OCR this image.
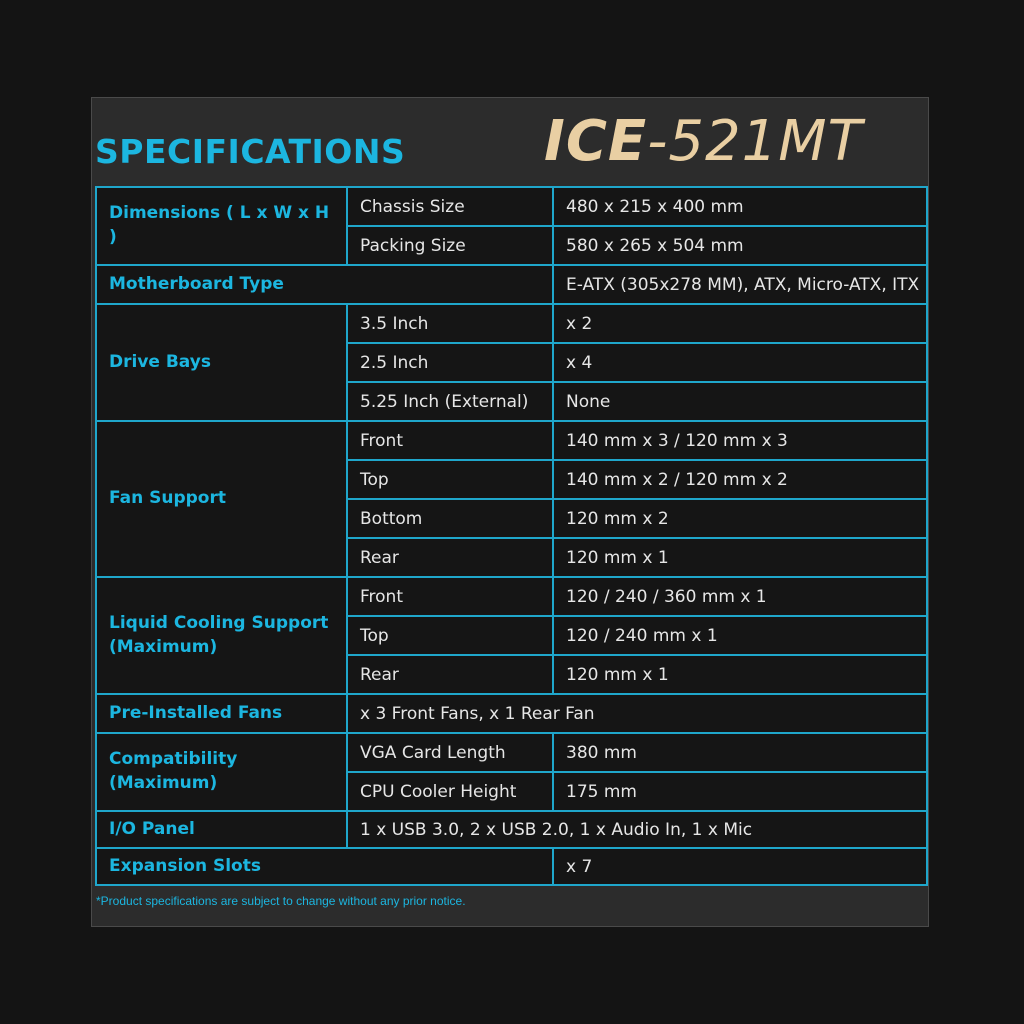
SPECIFICATIONS ICE-521MT
Dimensions ( L x W x H )	Chassis Size	480 x 215 x 400 mm
	Packing Size	580 x 265 x 504 mm
Motherboard Type		E-ATX (305x278 MM), ATX, Micro-ATX, ITX
Drive Bays	3.5 Inch	x 2
	2.5 Inch	x 4
	5.25 Inch (External)	None
Fan Support	Front	140 mm x 3 / 120 mm x 3
	Top	140 mm x 2 / 120 mm x 2
	Bottom	120 mm x 2
	Rear	120 mm x 1
Liquid Cooling Support (Maximum)	Front	120 / 240 / 360 mm x 1
	Top	120 / 240 mm x 1
	Rear	120 mm x 1
Pre-Installed Fans	x 3 Front Fans, x 1 Rear Fan	
Compatibility (Maximum)	VGA Card Length	380 mm
	CPU Cooler Height	175 mm
I/O Panel	1 x USB 3.0, 2 x USB 2.0, 1 x Audio In, 1 x Mic	
Expansion Slots		x 7

*Product specifications are subject to change without any prior notice.
